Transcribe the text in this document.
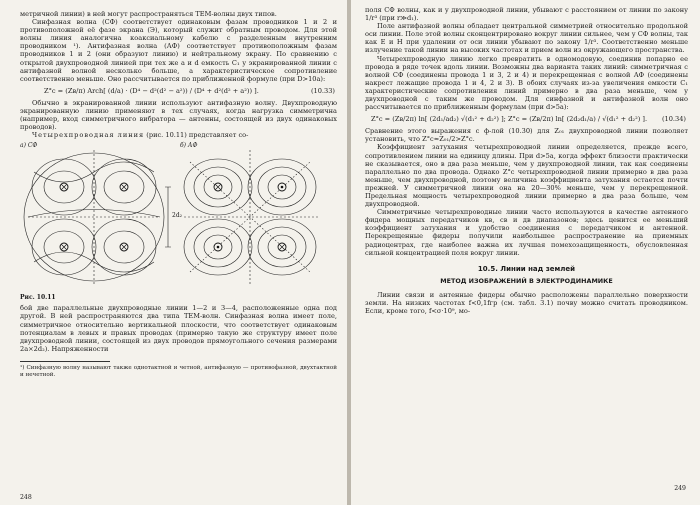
метричной линии) в ней могут распространяться ТЕМ-волны двух типов.

Синфазная волна (СФ) соответствует одинаковым фазам проводников 1 и 2 и противоположной её фазе экрана (Э), который служит обратным проводом. Для этой волны линия аналогична коаксиальному кабелю с разделенным внутренним проводником ¹). Антифазная волна (АФ) соответствует противоположным фазам проводников 1 и 2 (они образуют линию) и нейтральному экрану. По сравнению с открытой двухпроводной линией при тех же a и d емкость C₁ у экранированной линии с антифазной волной несколько больше, а характеристическое сопротивление соответственно меньше. Оно рассчитывается по приближенной формуле (при D>10a):

Z°c = (Zв/π) Arch[ (d/a) · (D⁴ − d²(d² − a²)) / (D⁴ + d²(d² + a²)) ].	(10.33)

Обычно в экранированной линии используют антифазную волну. Двухпроводную экранированную линию применяют в тех случаях, когда нагрузка симметрична (например, вход симметричного вибратора — антенны, состоящей из двух одинаковых проводов).

Четырехпроводная линия (рис. 10.11) представляет со-

а) СФ	б) АФ
2d₂
Рис. 10.11

бой две параллельные двухпроводные линии 1—2 и 3—4, расположенные одна под другой. В ней распространяются два типа ТЕМ-волн. Синфазная волна имеет поле, симметричное относительно вертикальной плоскости, что соответствует одинаковым потенциалам в левых и правых проводах (примерно такую же структуру имеет поле двухпроводной линии, состоящей из двух проводов прямоугольного сечения размерами 2a×2d₂). Напряженности

¹) Синфазную волну называют также однотактной и четной, антифазную — противофазной, двухтактной и нечетной.

248

поля СФ волны, как и у двухпроводной линии, убывают с расстоянием от линии по закону 1/r³ (при r≫d₁).

Поле антифазной волны обладает центральной симметрией относительно продольной оси линии. Поле этой волны сконцентрировано вокруг линии сильнее, чем у СФ волны, так как E и H при удалении от оси линии убывают по закону 1/r³. Соответственно меньше излучение такой линии на высоких частотах и прием волн из окружающего пространства.

Четырехпроводную линию легко превратить в одномодовую, соединив попарно ее провода в ряде точек вдоль линии. Возможны два варианта таких линий: симметричная с волной СФ (соединены провода 1 и 3, 2 и 4) и перекрещенная с волной АФ (соединены накрест лежащие провода 1 и 4, 2 и 3). В обоих случаях из-за увеличения емкости C₁ характеристические сопротивления линий примерно в два раза меньше, чем у двухпроводной с таким же проводом. Для синфазной и антифазной волн оно рассчитывается по приближенным формулам (при d>5a):

Z°c = (Zв/2π) ln[ (2d₁/ad₂) √(d₁² + d₂²) ]; Z°c = (Zв/2π) ln[ (2d₂d₁/a) / √(d₁² + d₂²) ]. (10.34)

Сравнение этого выражения с ф-лой (10.30) для Z₀₁ двухпроводной линии позволяет установить, что Z°c≈Z₀₁/2>Z°c.

Коэффициент затухания четырехпроводной линии определяется, прежде всего, сопротивлением линии на единицу длины. При d>5a, когда эффект близости практически не сказывается, оно в два раза меньше, чем у двухпроводной линии, так как соединены параллельно по два провода. Однако Z°c четырехпроводной линии примерно в два раза меньше, чем двухпроводной, поэтому величина коэффициента затухания остается почти прежней. У симметричной линии она на 20—30% меньше, чем у перекрещенной. Предельная мощность четырехпроводной линии примерно в два раза больше, чем двухпроводной.

Симметричные четырехпроводные линии часто используются в качестве антенного фидера мощных передатчиков кв, св и дв диапазонов; здесь ценится ее меньший коэффициент затухания и удобство соединения с передатчиком и антенной. Перекрещенные фидеры получили наибольшее распространение на приемных радиоцентрах, где наиболее важна их лучшая помехозащищенность, обусловленная сильной концентрацией поля вокруг линии.

10.5. Линии над землей
МЕТОД ИЗОБРАЖЕНИЙ В ЭЛЕКТРОДИНАМИКЕ

Линии связи и антенные фидеры обычно расположены параллельно поверхности земли. На низких частотах f<0,1fгр (см. табл. 3.1) почву можно считать проводником. Если, кроме того, f<σ·10⁹, мо-

249
